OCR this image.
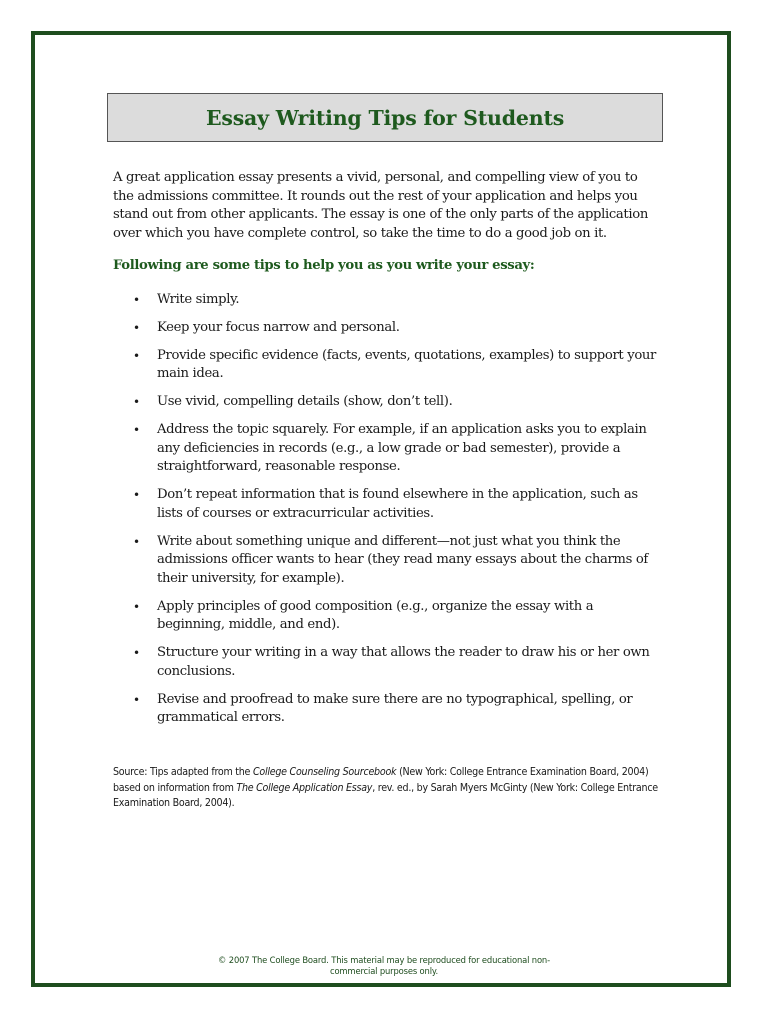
Essay Writing Tips for Students

A great application essay presents a vivid, personal, and compelling view of you to the admissions committee. It rounds out the rest of your application and helps you stand out from other applicants. The essay is one of the only parts of the application over which you have complete control, so take the time to do a good job on it.

Following are some tips to help you as you write your essay:

• Write simply.
• Keep your focus narrow and personal.
• Provide specific evidence (facts, events, quotations, examples) to support your main idea.
• Use vivid, compelling details (show, don’t tell).
• Address the topic squarely. For example, if an application asks you to explain any deficiencies in records (e.g., a low grade or bad semester), provide a straightforward, reasonable response.
• Don’t repeat information that is found elsewhere in the application, such as lists of courses or extracurricular activities.
• Write about something unique and different—not just what you think the admissions officer wants to hear (they read many essays about the charms of their university, for example).
• Apply principles of good composition (e.g., organize the essay with a beginning, middle, and end).
• Structure your writing in a way that allows the reader to draw his or her own conclusions.
• Revise and proofread to make sure there are no typographical, spelling, or grammatical errors.

Source: Tips adapted from the College Counseling Sourcebook (New York: College Entrance Examination Board, 2004) based on information from The College Application Essay, rev. ed., by Sarah Myers McGinty (New York: College Entrance Examination Board, 2004).

© 2007 The College Board. This material may be reproduced for educational non-
commercial purposes only.
